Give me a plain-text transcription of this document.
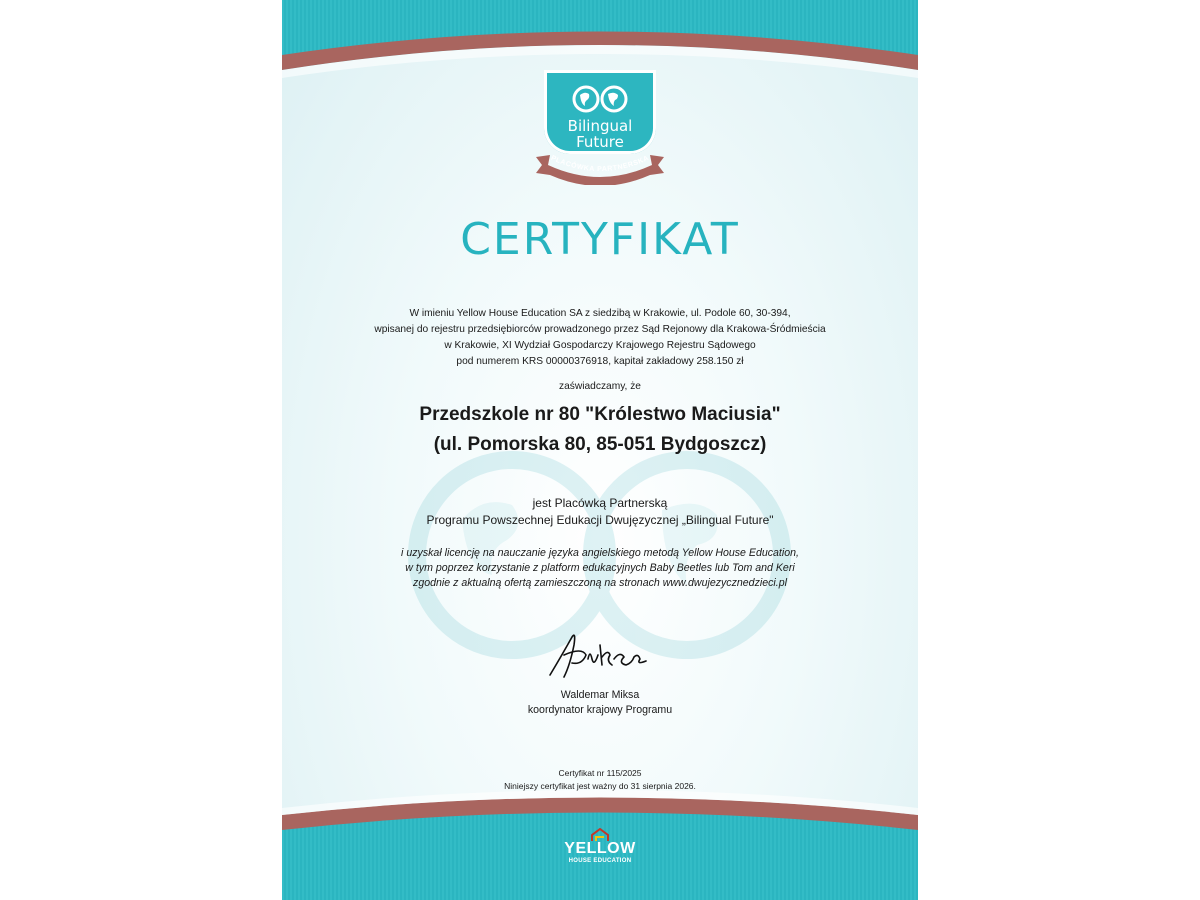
Bilingual
Future
PLACÓWKA PARTNERSKA
CERTYFIKAT
W imieniu Yellow House Education SA z siedzibą w Krakowie, ul. Podole 60, 30-394,
wpisanej do rejestru przedsiębiorców prowadzonego przez Sąd Rejonowy dla Krakowa-Śródmieścia
w Krakowie, XI Wydział Gospodarczy Krajowego Rejestru Sądowego
pod numerem KRS 00000376918, kapitał zakładowy 258.150 zł
zaświadczamy, że
Przedszkole nr 80 "Królestwo Maciusia"
(ul. Pomorska 80, 85-051 Bydgoszcz)
jest Placówką Partnerską
Programu Powszechnej Edukacji Dwujęzycznej „Bilingual Future"
i uzyskał licencję na nauczanie języka angielskiego metodą Yellow House Education,
w tym poprzez korzystanie z platform edukacyjnych Baby Beetles lub Tom and Keri
zgodnie z aktualną ofertą zamieszczoną na stronach www.dwujezycznedzieci.pl
Waldemar Miksa
koordynator krajowy Programu
Certyfikat nr 115/2025
Niniejszy certyfikat jest ważny do 31 sierpnia 2026.
YELLOW
HOUSE EDUCATION
